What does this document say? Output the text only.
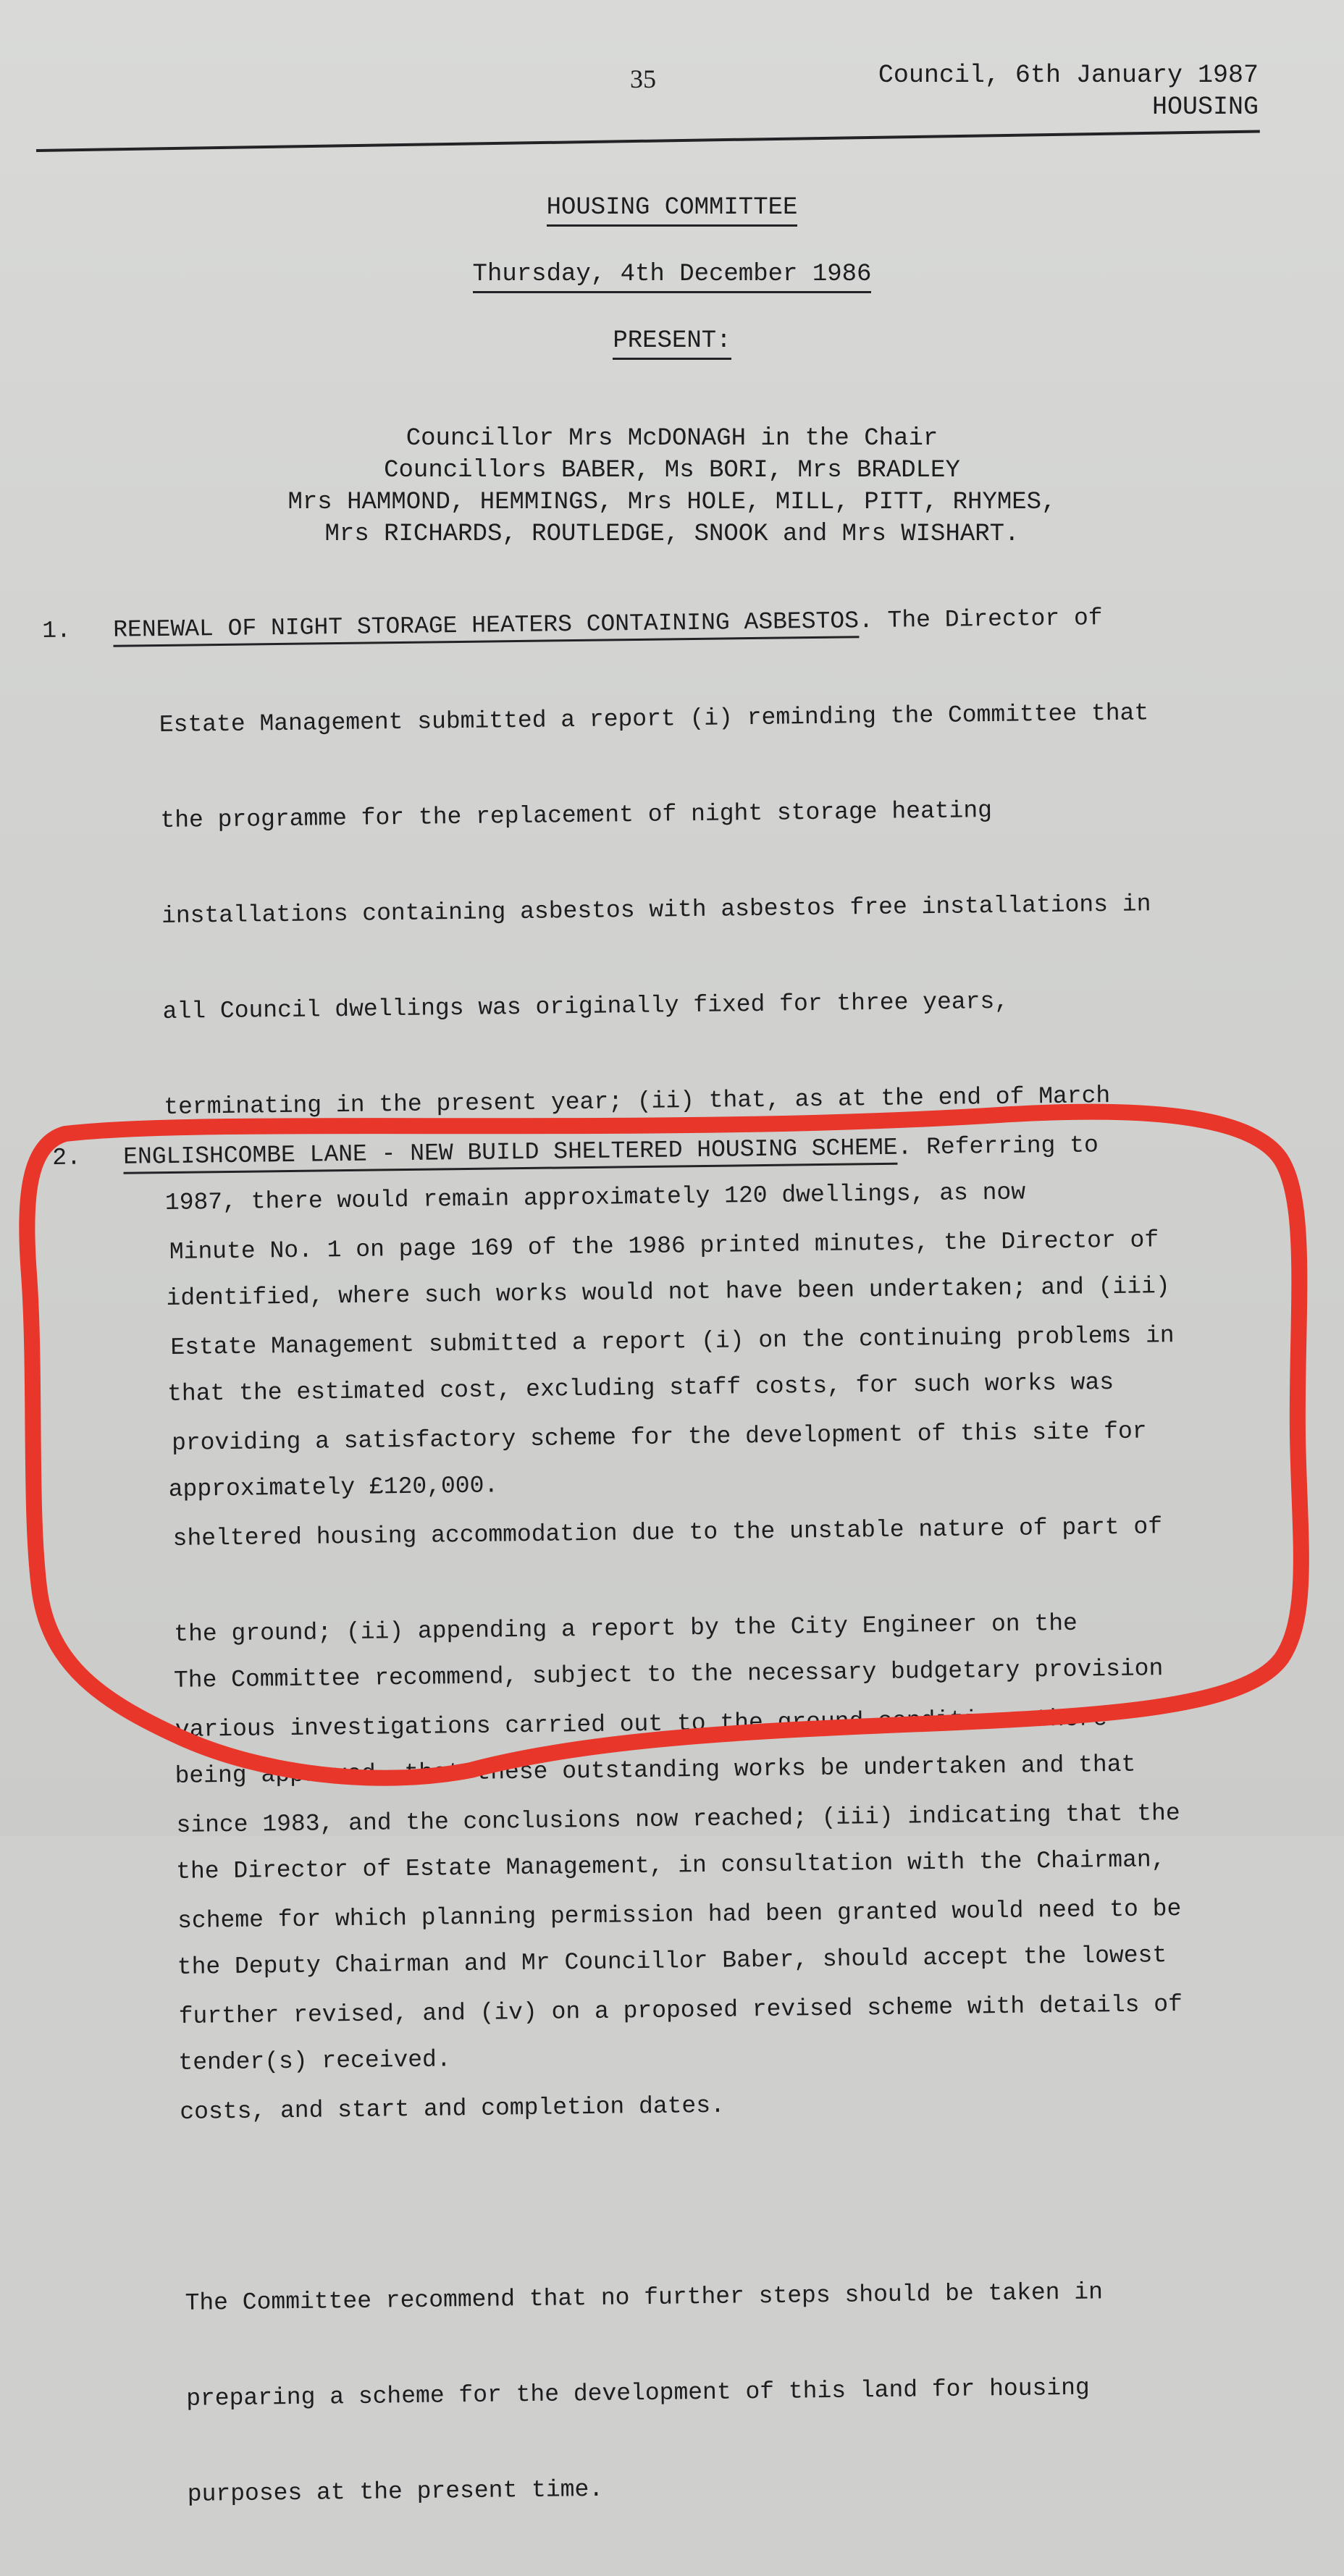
35	Council, 6th January 1987
HOUSING
HOUSING COMMITTEE
Thursday, 4th December 1986
PRESENT:
Councillor Mrs McDONAGH in the Chair
Councillors BABER, Ms BORI, Mrs BRADLEY
Mrs HAMMOND, HEMMINGS, Mrs HOLE, MILL, PITT, RHYMES,
Mrs RICHARDS, ROUTLEDGE, SNOOK and Mrs WISHART.
1.	RENEWAL OF NIGHT STORAGE HEATERS CONTAINING ASBESTOS. The Director of

Estate Management submitted a report (i) reminding the Committee that

the programme for the replacement of night storage heating

installations containing asbestos with asbestos free installations in

all Council dwellings was originally fixed for three years,

terminating in the present year; (ii) that, as at the end of March

1987, there would remain approximately 120 dwellings, as now

identified, where such works would not have been undertaken; and (iii)

that the estimated cost, excluding staff costs, for such works was

approximately £120,000.

The Committee recommend, subject to the necessary budgetary provision

being approved, that these outstanding works be undertaken and that

the Director of Estate Management, in consultation with the Chairman,

the Deputy Chairman and Mr Councillor Baber, should accept the lowest

tender(s) received.

2.	ENGLISHCOMBE LANE - NEW BUILD SHELTERED HOUSING SCHEME. Referring to

Minute No. 1 on page 169 of the 1986 printed minutes, the Director of

Estate Management submitted a report (i) on the continuing problems in

providing a satisfactory scheme for the development of this site for

sheltered housing accommodation due to the unstable nature of part of

the ground; (ii) appending a report by the City Engineer on the

various investigations carried out to the ground conditions there

since 1983, and the conclusions now reached; (iii) indicating that the

scheme for which planning permission had been granted would need to be

further revised, and (iv) on a proposed revised scheme with details of

costs, and start and completion dates.

The Committee recommend that no further steps should be taken in

preparing a scheme for the development of this land for housing

purposes at the present time.
